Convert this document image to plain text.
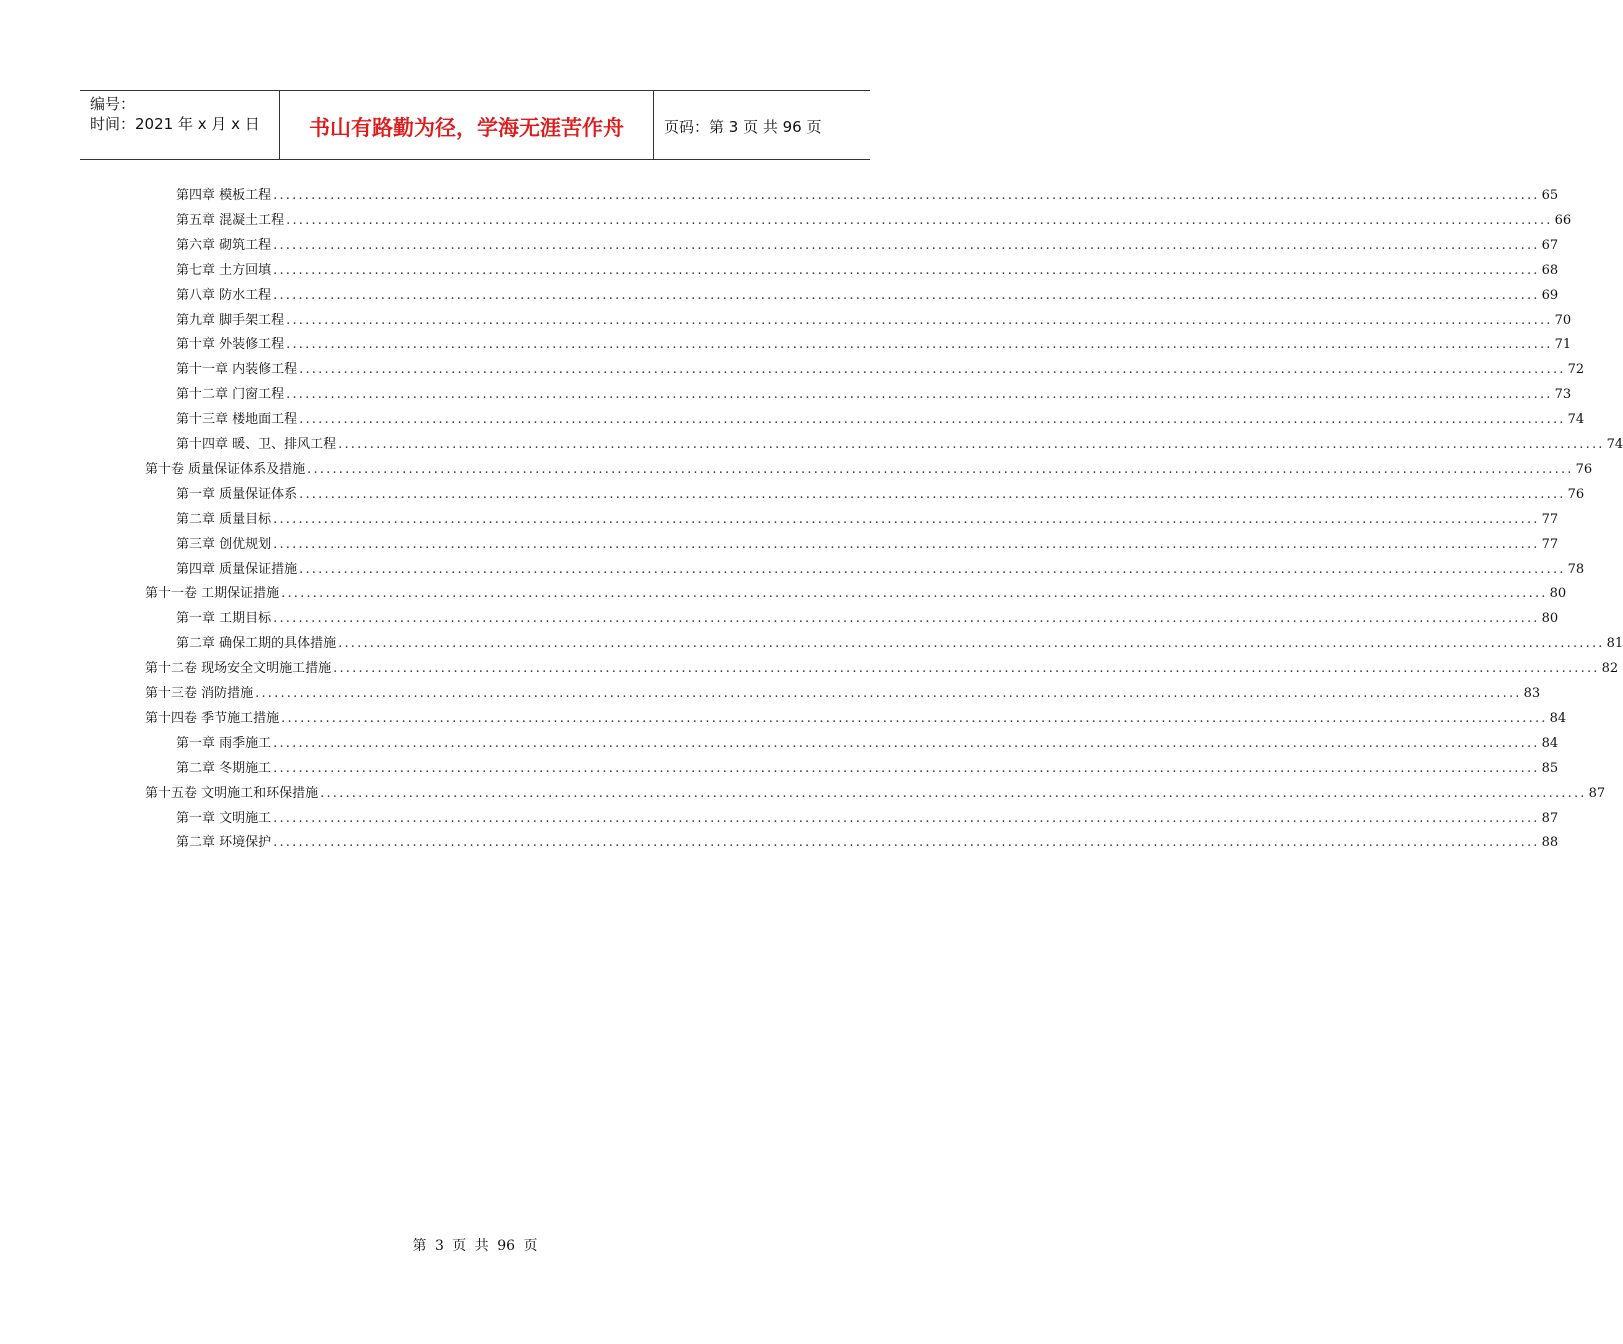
编号：
时间：2021 年 x 月 x 日	书山有路勤为径，学海无涯苦作舟	页码：第 3 页 共 96 页
第四章 模板工程 ........................................................................................................................................................................................................ 65
第五章 混凝土工程 ........................................................................................................................................................................................................ 66
第六章 砌筑工程 ........................................................................................................................................................................................................ 67
第七章 土方回填 ........................................................................................................................................................................................................ 68
第八章 防水工程 ........................................................................................................................................................................................................ 69
第九章 脚手架工程 ........................................................................................................................................................................................................ 70
第十章 外装修工程 ........................................................................................................................................................................................................ 71
第十一章 内装修工程 ........................................................................................................................................................................................................ 72
第十二章 门窗工程 ........................................................................................................................................................................................................ 73
第十三章 楼地面工程 ........................................................................................................................................................................................................ 74
第十四章 暖、卫、排风工程 ........................................................................................................................................................................................................ 74
第十卷 质量保证体系及措施 ........................................................................................................................................................................................................ 76
第一章 质量保证体系 ........................................................................................................................................................................................................ 76
第二章 质量目标 ........................................................................................................................................................................................................ 77
第三章 创优规划 ........................................................................................................................................................................................................ 77
第四章 质量保证措施 ........................................................................................................................................................................................................ 78
第十一卷 工期保证措施 ........................................................................................................................................................................................................ 80
第一章 工期目标 ........................................................................................................................................................................................................ 80
第二章 确保工期的具体措施 ........................................................................................................................................................................................................ 81
第十二卷 现场安全文明施工措施 ........................................................................................................................................................................................................ 82
第十三卷 消防措施 ........................................................................................................................................................................................................ 83
第十四卷 季节施工措施 ........................................................................................................................................................................................................ 84
第一章 雨季施工 ........................................................................................................................................................................................................ 84
第二章 冬期施工 ........................................................................................................................................................................................................ 85
第十五卷 文明施工和环保措施 ........................................................................................................................................................................................................ 87
第一章 文明施工 ........................................................................................................................................................................................................ 87
第二章 环境保护 ........................................................................................................................................................................................................ 88
第 3 页 共 96 页
